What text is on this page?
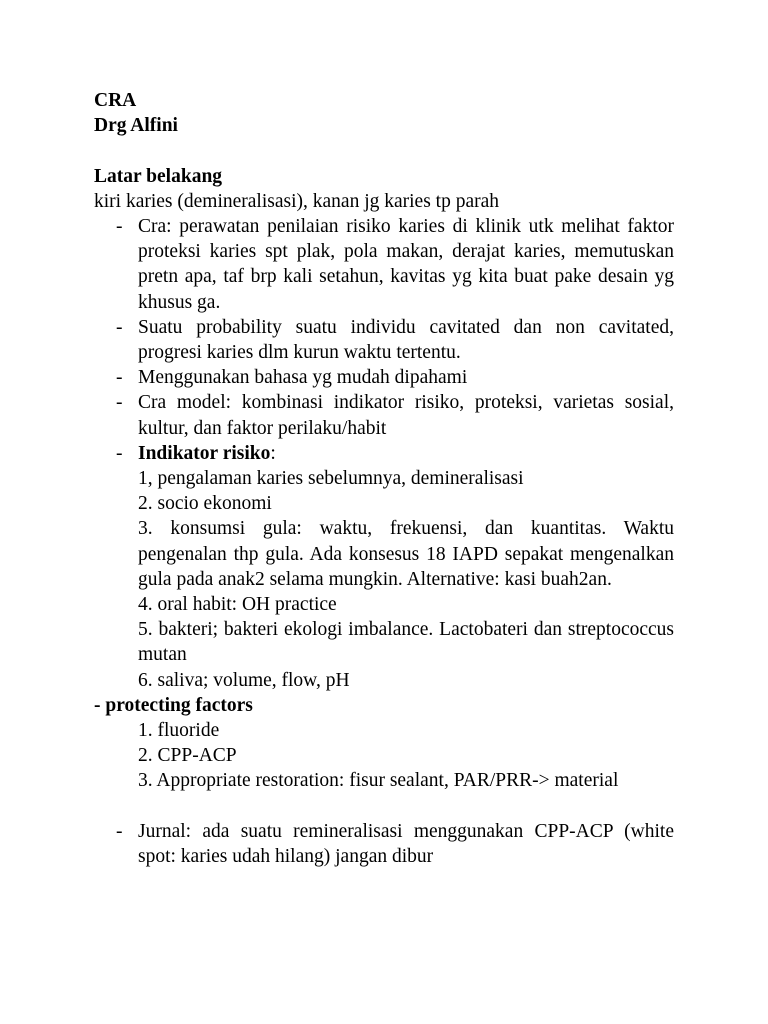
CRA
Drg Alfini
Latar belakang
kiri karies (demineralisasi), kanan jg karies tp parah
- Cra: perawatan penilaian risiko karies di klinik utk melihat faktor proteksi karies spt plak, pola makan, derajat karies, memutuskan pretn apa, taf brp kali setahun, kavitas yg kita buat pake desain yg khusus ga.
- Suatu probability suatu individu cavitated dan non cavitated, progresi karies dlm kurun waktu tertentu.
- Menggunakan bahasa yg mudah dipahami
- Cra model: kombinasi indikator risiko, proteksi, varietas sosial, kultur, dan faktor perilaku/habit
- Indikator risiko:
1, pengalaman karies sebelumnya, demineralisasi
2. socio ekonomi
3. konsumsi gula: waktu, frekuensi, dan kuantitas. Waktu pengenalan thp gula. Ada konsesus 18 IAPD sepakat mengenalkan gula pada anak2 selama mungkin. Alternative: kasi buah2an.
4. oral habit: OH practice
5. bakteri; bakteri ekologi imbalance. Lactobateri dan streptococcus mutan
6. saliva; volume, flow, pH
- protecting factors
1. fluoride
2. CPP-ACP
3. Appropriate restoration: fisur sealant, PAR/PRR-> material
- Jurnal: ada suatu remineralisasi menggunakan CPP-ACP (white spot: karies udah hilang) jangan dibur
